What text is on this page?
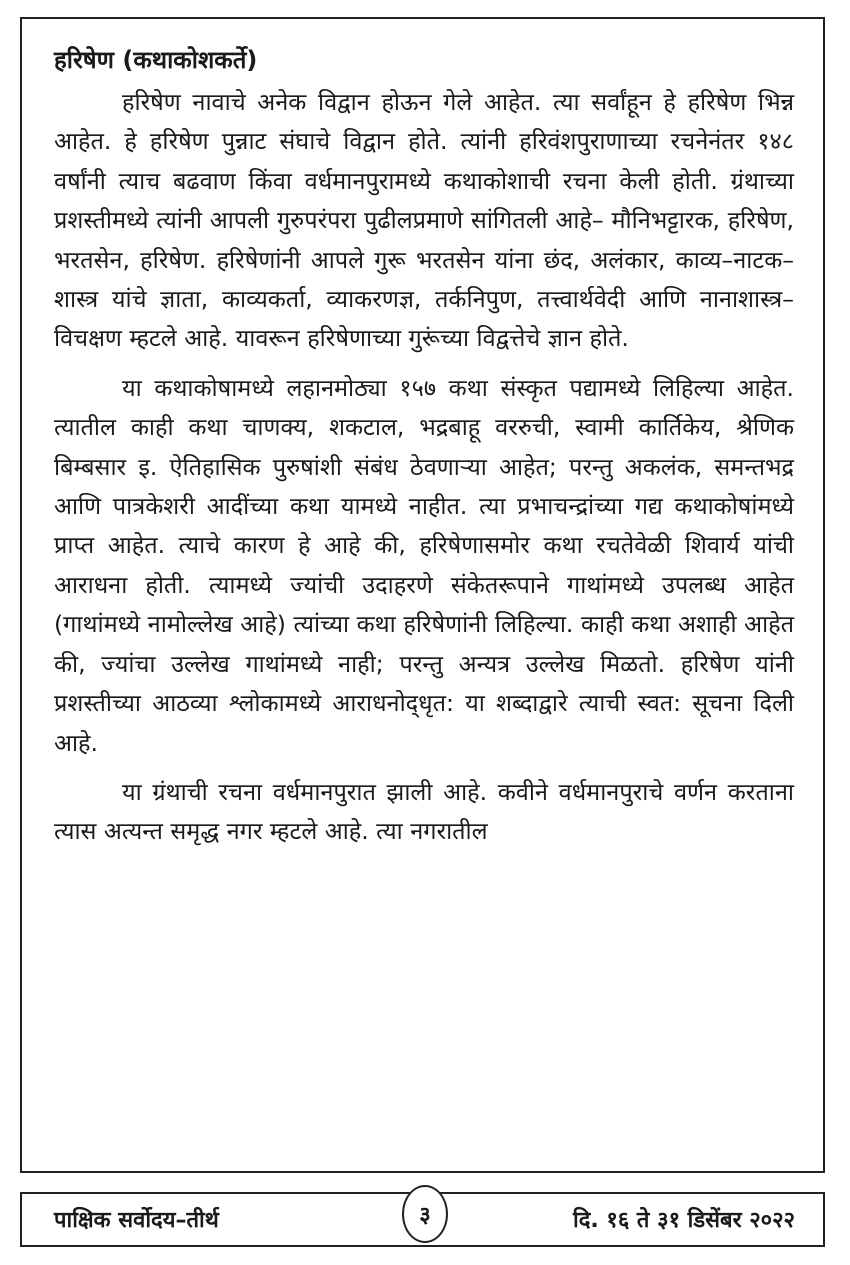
हरिषेण (कथाकोशकर्ते)

हरिषेण नावाचे अनेक विद्वान होऊन गेले आहेत. त्या सर्वांहून हे हरिषेण भिन्न आहेत. हे हरिषेण पुन्नाट संघाचे विद्वान होते. त्यांनी हरिवंशपुराणाच्या रचनेनंतर १४८ वर्षांनी त्याच बढवाण किंवा वर्धमानपुरामध्ये कथाकोशाची रचना केली होती. ग्रंथाच्या प्रशस्तीमध्ये त्यांनी आपली गुरुपरंपरा पुढीलप्रमाणे सांगितली आहे– मौनिभट्टारक, हरिषेण, भरतसेन, हरिषेण. हरिषेणांनी आपले गुरू भरतसेन यांना छंद, अलंकार, काव्य–नाटक–शास्त्र यांचे ज्ञाता, काव्यकर्ता, व्याकरणज्ञ, तर्कनिपुण, तत्त्वार्थवेदी आणि नानाशास्त्र–विचक्षण म्हटले आहे. यावरून हरिषेणाच्या गुरूंच्या विद्वत्तेचे ज्ञान होते.

या कथाकोषामध्ये लहानमोठ्या १५७ कथा संस्कृत पद्यामध्ये लिहिल्या आहेत. त्यातील काही कथा चाणक्य, शकटाल, भद्रबाहू वररुची, स्वामी कार्तिकेय, श्रेणिक बिम्बसार इ. ऐतिहासिक पुरुषांशी संबंध ठेवणाऱ्या आहेत; परन्तु अकलंक, समन्तभद्र आणि पात्रकेशरी आदींच्या कथा यामध्ये नाहीत. त्या प्रभाचन्द्रांच्या गद्य कथाकोषांमध्ये प्राप्त आहेत. त्याचे कारण हे आहे की, हरिषेणासमोर कथा रचतेवेळी शिवार्य यांची आराधना होती. त्यामध्ये ज्यांची उदाहरणे संकेतरूपाने गाथांमध्ये उपलब्ध आहेत (गाथांमध्ये नामोल्लेख आहे) त्यांच्या कथा हरिषेणांनी लिहिल्या. काही कथा अशाही आहेत की, ज्यांचा उल्लेख गाथांमध्ये नाही; परन्तु अन्यत्र उल्लेख मिळतो. हरिषेण यांनी प्रशस्तीच्या आठव्या श्लोकामध्ये आराधनोद्‌धृत: या शब्दाद्वारे त्याची स्वत: सूचना दिली आहे.

या ग्रंथाची रचना वर्धमानपुरात झाली आहे. कवीने वर्धमानपुराचे वर्णन करताना त्यास अत्यन्त समृद्ध नगर म्हटले आहे. त्या नगरातील

पाक्षिक सर्वोदय–तीर्थ	३	दि. १६ ते ३१ डिसेंबर २०२२
